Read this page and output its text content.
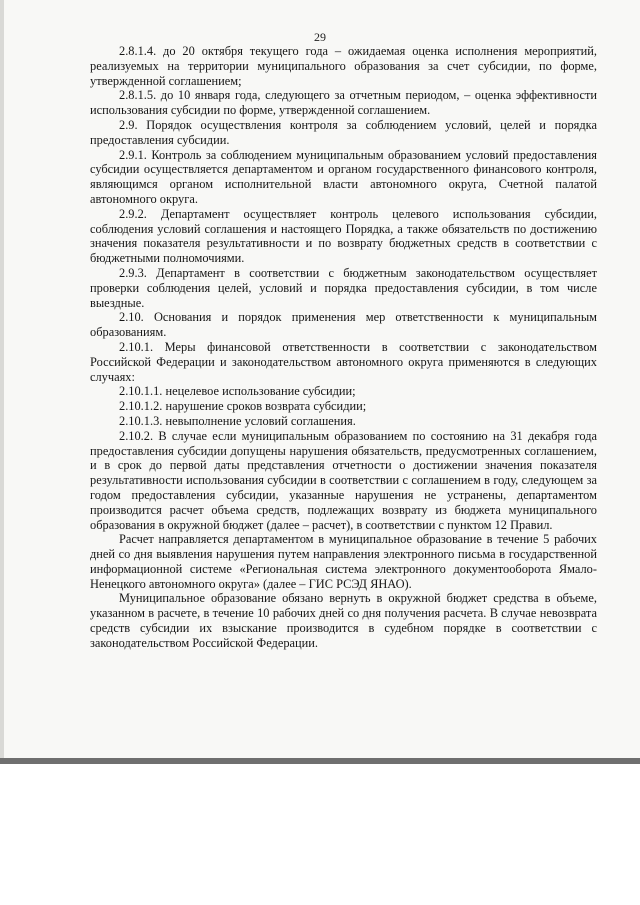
29

2.8.1.4. до 20 октября текущего года – ожидаемая оценка исполнения мероприятий, реализуемых на территории муниципального образования за счет субсидии, по форме, утвержденной соглашением;

2.8.1.5. до 10 января года, следующего за отчетным периодом, – оценка эффективности использования субсидии по форме, утвержденной соглашением.

2.9. Порядок осуществления контроля за соблюдением условий, целей и порядка предоставления субсидии.

2.9.1. Контроль за соблюдением муниципальным образованием условий предоставления субсидии осуществляется департаментом и органом государственного финансового контроля, являющимся органом исполнительной власти автономного округа, Счетной палатой автономного округа.

2.9.2. Департамент осуществляет контроль целевого использования субсидии, соблюдения условий соглашения и настоящего Порядка, а также обязательств по достижению значения показателя результативности и по возврату бюджетных средств в соответствии с бюджетными полномочиями.

2.9.3. Департамент в соответствии с бюджетным законодательством осуществляет проверки соблюдения целей, условий и порядка предоставления субсидии, в том числе выездные.

2.10. Основания и порядок применения мер ответственности к муниципальным образованиям.

2.10.1. Меры финансовой ответственности в соответствии с законодательством Российской Федерации и законодательством автономного округа применяются в следующих случаях:

2.10.1.1. нецелевое использование субсидии;

2.10.1.2. нарушение сроков возврата субсидии;

2.10.1.3. невыполнение условий соглашения.

2.10.2. В случае если муниципальным образованием по состоянию на 31 декабря года предоставления субсидии допущены нарушения обязательств, предусмотренных соглашением, и в срок до первой даты представления отчетности о достижении значения показателя результативности использования субсидии в соответствии с соглашением в году, следующем за годом предоставления субсидии, указанные нарушения не устранены, департаментом производится расчет объема средств, подлежащих возврату из бюджета муниципального образования в окружной бюджет (далее – расчет), в соответствии с пунктом 12 Правил.

Расчет направляется департаментом в муниципальное образование в течение 5 рабочих дней со дня выявления нарушения путем направления электронного письма в государственной информационной системе «Региональная система электронного документооборота Ямало-Ненецкого автономного округа» (далее – ГИС РСЭД ЯНАО).

Муниципальное образование обязано вернуть в окружной бюджет средства в объеме, указанном в расчете, в течение 10 рабочих дней со дня получения расчета. В случае невозврата средств субсидии их взыскание производится в судебном порядке в соответствии с законодательством Российской Федерации.
